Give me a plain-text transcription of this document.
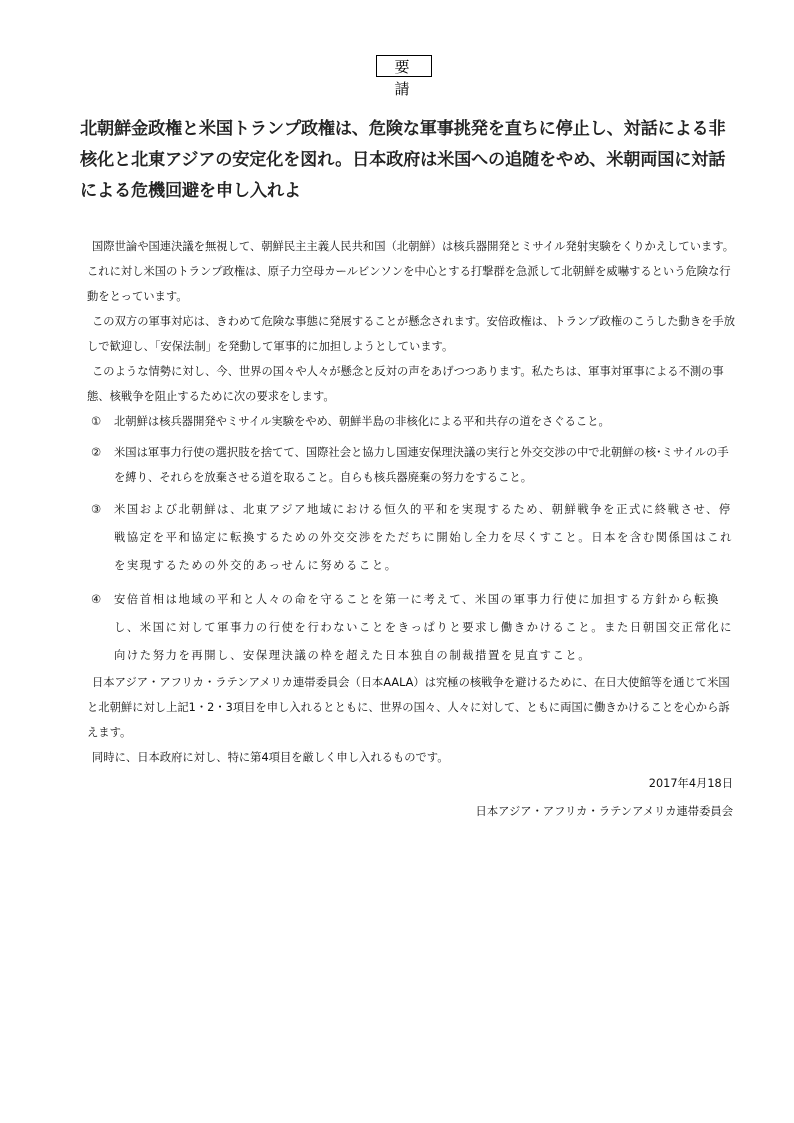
要　請
北朝鮮金政権と米国トランプ政権は、危険な軍事挑発を直ちに停止し、対話による非核化と北東アジアの安定化を図れ。日本政府は米国への追随をやめ、米朝両国に対話による危機回避を申し入れよ

国際世論や国連決議を無視して、朝鮮民主主義人民共和国（北朝鮮）は核兵器開発とミサイル発射実験をくりかえしています。これに対し米国のトランプ政権は、原子力空母カールビンソンを中心とする打撃群を急派して北朝鮮を威嚇するという危険な行動をとっています。

この双方の軍事対応は、きわめて危険な事態に発展することが懸念されます。安倍政権は、トランプ政権のこうした動きを手放しで歓迎し、「安保法制」を発動して軍事的に加担しようとしています。

このような情勢に対し、今、世界の国々や人々が懸念と反対の声をあげつつあります。私たちは、軍事対軍事による不測の事態、核戦争を阻止するために次の要求をします。

① 北朝鮮は核兵器開発やミサイル実験をやめ、朝鮮半島の非核化による平和共存の道をさぐること。
② 米国は軍事力行使の選択肢を捨てて、国際社会と協力し国連安保理決議の実行と外交交渉の中で北朝鮮の核･ミサイルの手を縛り、それらを放棄させる道を取ること。自らも核兵器廃棄の努力をすること。
③ 米国および北朝鮮は、北東アジア地域における恒久的平和を実現するため、朝鮮戦争を正式に終戦させ、停戦協定を平和協定に転換するための外交交渉をただちに開始し全力を尽くすこと。日本を含む関係国はこれを実現するための外交的あっせんに努めること。
④ 安倍首相は地域の平和と人々の命を守ることを第一に考えて、米国の軍事力行使に加担する方針から転換し、米国に対して軍事力の行使を行わないことをきっぱりと要求し働きかけること。また日朝国交正常化に向けた努力を再開し、安保理決議の枠を超えた日本独自の制裁措置を見直すこと。

日本アジア・アフリカ・ラテンアメリカ連帯委員会（日本AALA）は究極の核戦争を避けるために、在日大使館等を通じて米国と北朝鮮に対し上記1・2・3項目を申し入れるとともに、世界の国々、人々に対して、ともに両国に働きかけることを心から訴えます。

同時に、日本政府に対し、特に第4項目を厳しく申し入れるものです。

2017年4月18日
日本アジア・アフリカ・ラテンアメリカ連帯委員会
